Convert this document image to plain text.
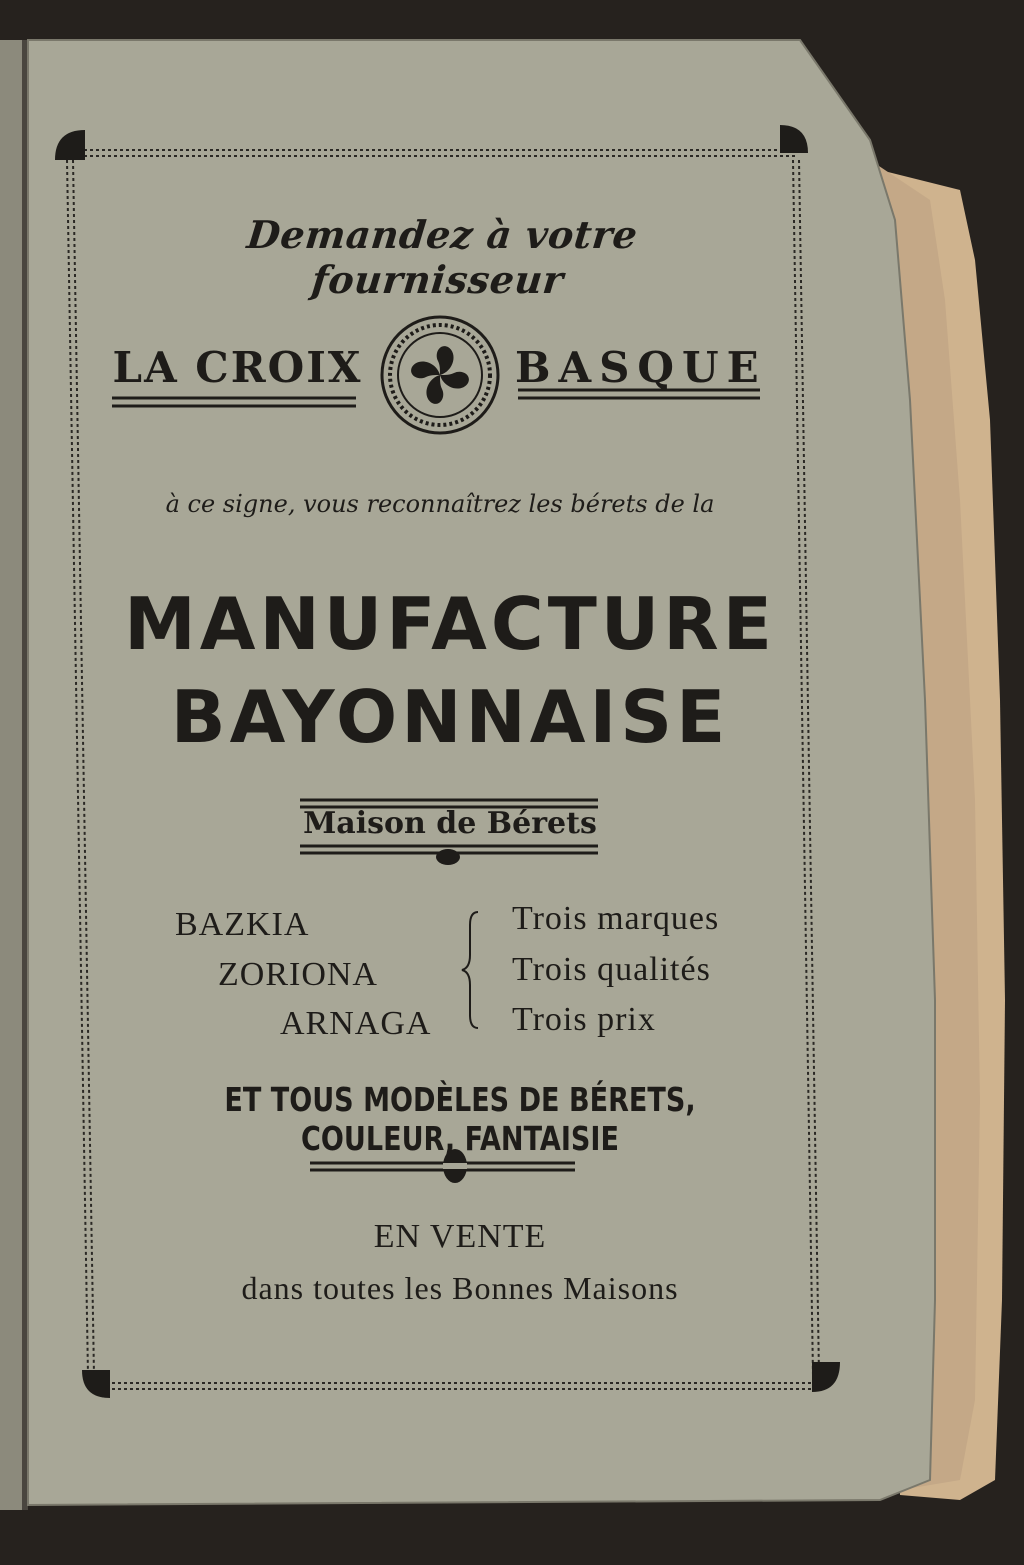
Demandez à votre fournisseur
LA CROIX	BASQUE
à ce signe, vous reconnaîtrez les bérets de la
MANUFACTURE
BAYONNAISE
Maison de Bérets
BAZKIA
ZORIONA
ARNAGA
Trois marques
Trois qualités
Trois prix
ET TOUS MODÈLES DE BÉRETS, COULEUR, FANTAISIE
EN VENTE
dans toutes les Bonnes Maisons
